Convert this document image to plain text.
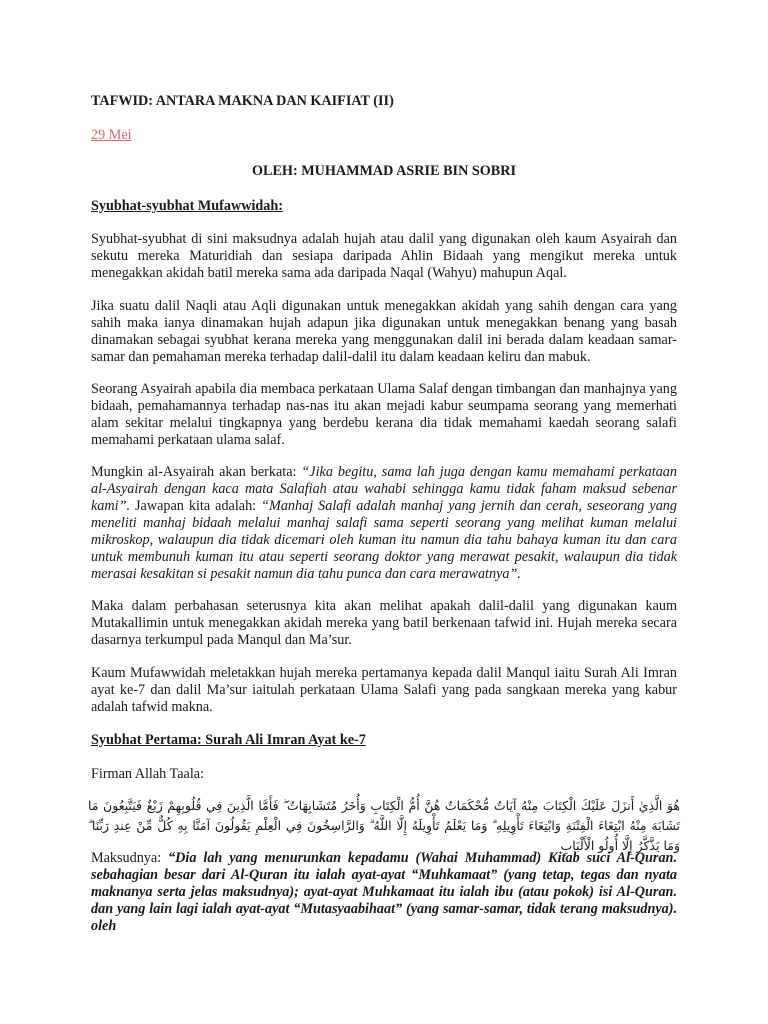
TAFWID: ANTARA MAKNA DAN KAIFIAT (II)

29 Mei

OLEH: MUHAMMAD ASRIE BIN SOBRI

Syubhat-syubhat Mufawwidah:

Syubhat-syubhat di sini maksudnya adalah hujah atau dalil yang digunakan oleh kaum Asyairah dan sekutu mereka Maturidiah dan sesiapa daripada Ahlin Bidaah yang mengikut mereka untuk menegakkan akidah batil mereka sama ada daripada Naqal (Wahyu) mahupun Aqal.

Jika suatu dalil Naqli atau Aqli digunakan untuk menegakkan akidah yang sahih dengan cara yang sahih maka ianya dinamakan hujah adapun jika digunakan untuk menegakkan benang yang basah dinamakan sebagai syubhat kerana mereka yang menggunakan dalil ini berada dalam keadaan samar-samar dan pemahaman mereka terhadap dalil-dalil itu dalam keadaan keliru dan mabuk.

Seorang Asyairah apabila dia membaca perkataan Ulama Salaf dengan timbangan dan manhajnya yang bidaah, pemahamannya terhadap nas-nas itu akan mejadi kabur seumpama seorang yang memerhati alam sekitar melalui tingkapnya yang berdebu kerana dia tidak memahami kaedah seorang salafi memahami perkataan ulama salaf.

Mungkin al-Asyairah akan berkata: “Jika begitu, sama lah juga dengan kamu memahami perkataan al-Asyairah dengan kaca mata Salafiah atau wahabi sehingga kamu tidak faham maksud sebenar kami”. Jawapan kita adalah: “Manhaj Salafi adalah manhaj yang jernih dan cerah, seseorang yang meneliti manhaj bidaah melalui manhaj salafi sama seperti seorang yang melihat kuman melalui mikroskop, walaupun dia tidak dicemari oleh kuman itu namun dia tahu bahaya kuman itu dan cara untuk membunuh kuman itu atau seperti seorang doktor yang merawat pesakit, walaupun dia tidak merasai kesakitan si pesakit namun dia tahu punca dan cara merawatnya”.

Maka dalam perbahasan seterusnya kita akan melihat apakah dalil-dalil yang digunakan kaum Mutakallimin untuk menegakkan akidah mereka yang batil berkenaan tafwid ini. Hujah mereka secara dasarnya terkumpul pada Manqul dan Ma’sur.

Kaum Mufawwidah meletakkan hujah mereka pertamanya kepada dalil Manqul iaitu Surah Ali Imran ayat ke-7 dan dalil Ma’sur iaitulah perkataan Ulama Salafi yang pada sangkaan mereka yang kabur adalah tafwid makna.

Syubhat Pertama: Surah Ali Imran Ayat ke-7

Firman Allah Taala:

هُوَ الَّذِيٰ أَنزَلَ عَلَيْكَ الْكِتَابَ مِنْهُ آيَاتٌ مُّحْكَمَاتٌ هُنَّ أُمُّ الْكِتَابِ وَأُخَرُ مُتَشَابِهَاتٌ ۖ فَأَمَّا الَّذِينَ فِي قُلُوبِهِمْ زَيْغٌ فَيَتَّبِعُونَ مَا تَشَابَهَ مِنْهُ ابْتِغَاءَ الْفِتْنَةِ وَابْتِغَاءَ تَأْوِيلِهِ ۗ وَمَا يَعْلَمُ تَأْوِيلَهُ إِلَّا اللَّهُ ۗ وَالرَّاسِخُونَ فِي الْعِلْمِ يَقُولُونَ آمَنَّا بِهِ كُلٌّ مِّنْ عِندِ رَبِّنَا ۗ وَمَا يَذَّكَّرُ إِلَّا أُولُو الْأَلْبَابِ

Maksudnya: “Dia lah yang menurunkan kepadamu (Wahai Muhammad) Kitab suci Al-Quran. sebahagian besar dari Al-Quran itu ialah ayat-ayat “Muhkamaat” (yang tetap, tegas dan nyata maknanya serta jelas maksudnya); ayat-ayat Muhkamaat itu ialah ibu (atau pokok) isi Al-Quran. dan yang lain lagi ialah ayat-ayat “Mutasyaabihaat” (yang samar-samar, tidak terang maksudnya). oleh
